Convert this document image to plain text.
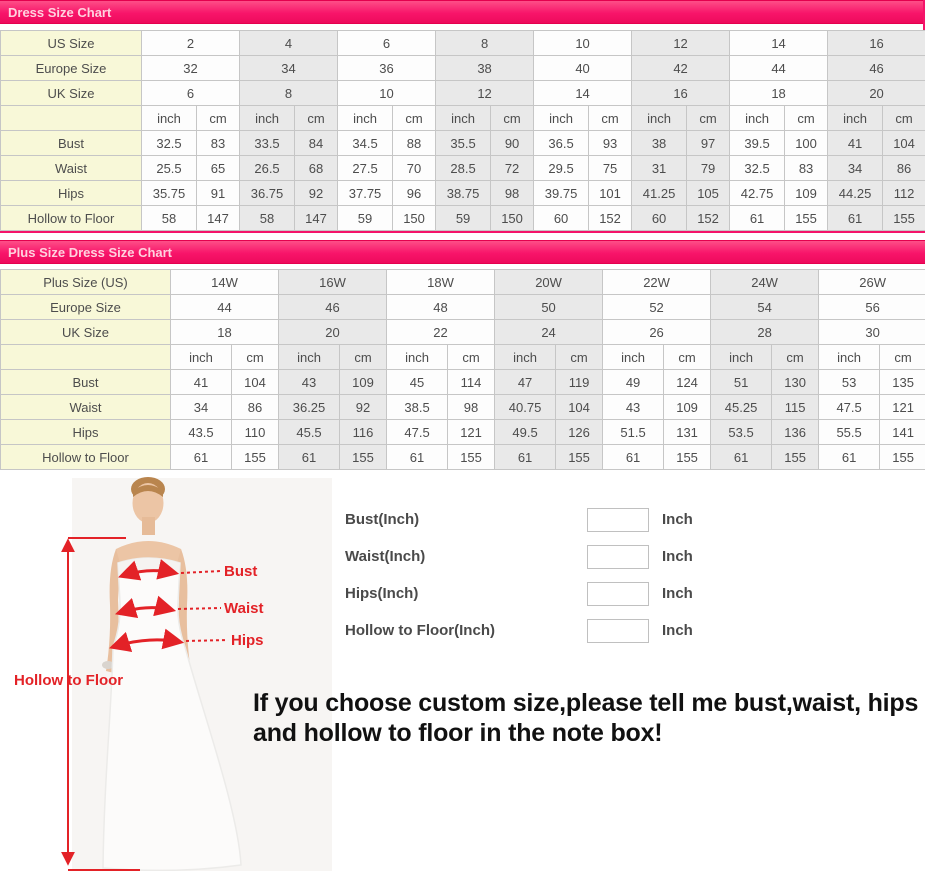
Dress Size Chart
US Size	2		4		6		8		10		12		14		16	
Europe Size	32		34		36		38		40		42		44		46	
UK Size	6		8		10		12		14		16		18		20	
	inch	cm	inch	cm	inch	cm	inch	cm	inch	cm	inch	cm	inch	cm	inch	cm
Bust	32.5	83	33.5	84	34.5	88	35.5	90	36.5	93	38	97	39.5	100	41	104
Waist	25.5	65	26.5	68	27.5	70	28.5	72	29.5	75	31	79	32.5	83	34	86
Hips	35.75	91	36.75	92	37.75	96	38.75	98	39.75	101	41.25	105	42.75	109	44.25	112
Hollow to Floor	58	147	58	147	59	150	59	150	60	152	60	152	61	155	61	155
Plus Size Dress Size Chart
Plus Size (US)	14W		16W		18W		20W		22W		24W		26W	
Europe Size	44		46		48		50		52		54		56	
UK Size	18		20		22		24		26		28		30	
	inch	cm	inch	cm	inch	cm	inch	cm	inch	cm	inch	cm	inch	cm
Bust	41	104	43	109	45	114	47	119	49	124	51	130	53	135
Waist	34	86	36.25	92	38.5	98	40.75	104	43	109	45.25	115	47.5	121
Hips	43.5	110	45.5	116	47.5	121	49.5	126	51.5	131	53.5	136	55.5	141
Hollow to Floor	61	155	61	155	61	155	61	155	61	155	61	155	61	155
Bust
Waist
Hips
Hollow to Floor
Bust(Inch)	Inch
Waist(Inch)	Inch
Hips(Inch)	Inch
Hollow to Floor(Inch)	Inch
If you choose custom size,please tell me bust,waist, hips and hollow to floor in the note box!
